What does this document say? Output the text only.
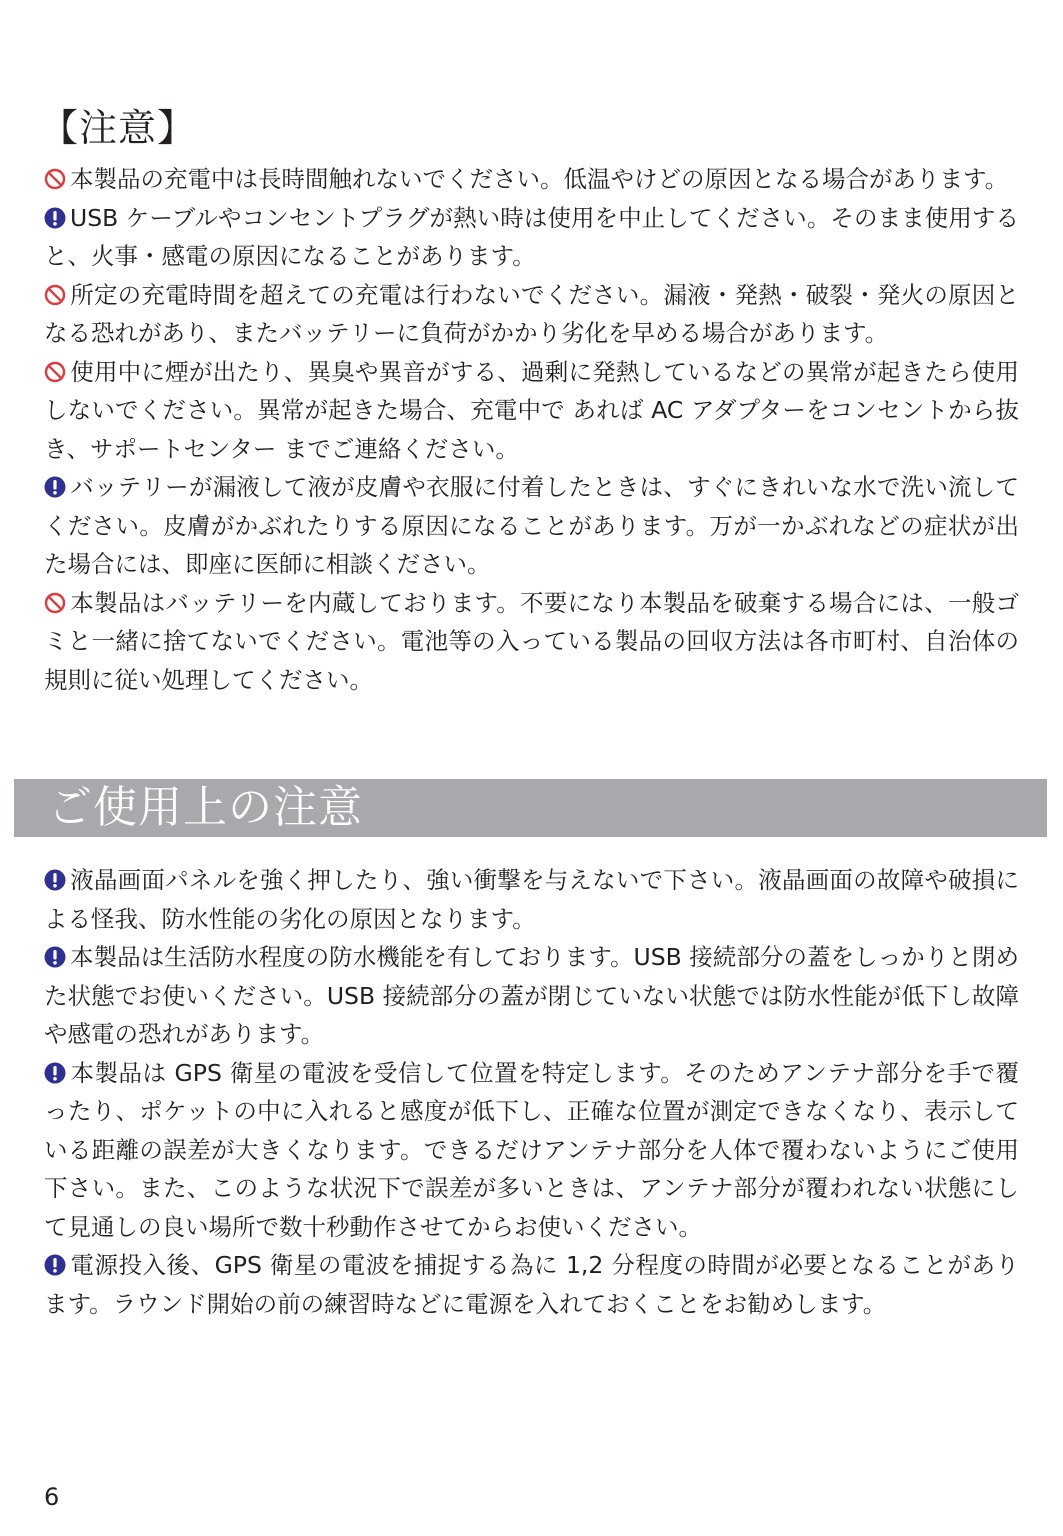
【注意】

本製品の充電中は長時間触れないでください。低温やけどの原因となる場合があります。

USB ケーブルやコンセントプラグが熱い時は使用を中止してください。そのまま使用すると、火事・感電の原因になることがあります。

所定の充電時間を超えての充電は行わないでください。漏液・発熱・破裂・発火の原因となる恐れがあり、またバッテリーに負荷がかかり劣化を早める場合があります。

使用中に煙が出たり、異臭や異音がする、過剰に発熱しているなどの異常が起きたら使用しないでください。異常が起きた場合、充電中で あれば AC アダプターをコンセントから抜き、サポートセンター までご連絡ください。

バッテリーが漏液して液が皮膚や衣服に付着したときは、すぐにきれいな水で洗い流してください。皮膚がかぶれたりする原因になることがあります。万が一かぶれなどの症状が出た場合には、即座に医師に相談ください。

本製品はバッテリーを内蔵しております。不要になり本製品を破棄する場合には、一般ゴミと一緒に捨てないでください。電池等の入っている製品の回収方法は各市町村、自治体の規則に従い処理してください。

ご使用上の注意

液晶画面パネルを強く押したり、強い衝撃を与えないで下さい。液晶画面の故障や破損による怪我、防水性能の劣化の原因となります。

本製品は生活防水程度の防水機能を有しております。USB 接続部分の蓋をしっかりと閉めた状態でお使いください。USB 接続部分の蓋が閉じていない状態では防水性能が低下し故障や感電の恐れがあります。

本製品は GPS 衛星の電波を受信して位置を特定します。そのためアンテナ部分を手で覆ったり、ポケットの中に入れると感度が低下し、正確な位置が測定できなくなり、表示している距離の誤差が大きくなります。できるだけアンテナ部分を人体で覆わないようにご使用下さい。また、このような状況下で誤差が多いときは、アンテナ部分が覆われない状態にして見通しの良い場所で数十秒動作させてからお使いください。

電源投入後、GPS 衛星の電波を捕捉する為に 1,2 分程度の時間が必要となることがあります。ラウンド開始の前の練習時などに電源を入れておくことをお勧めします。

6
